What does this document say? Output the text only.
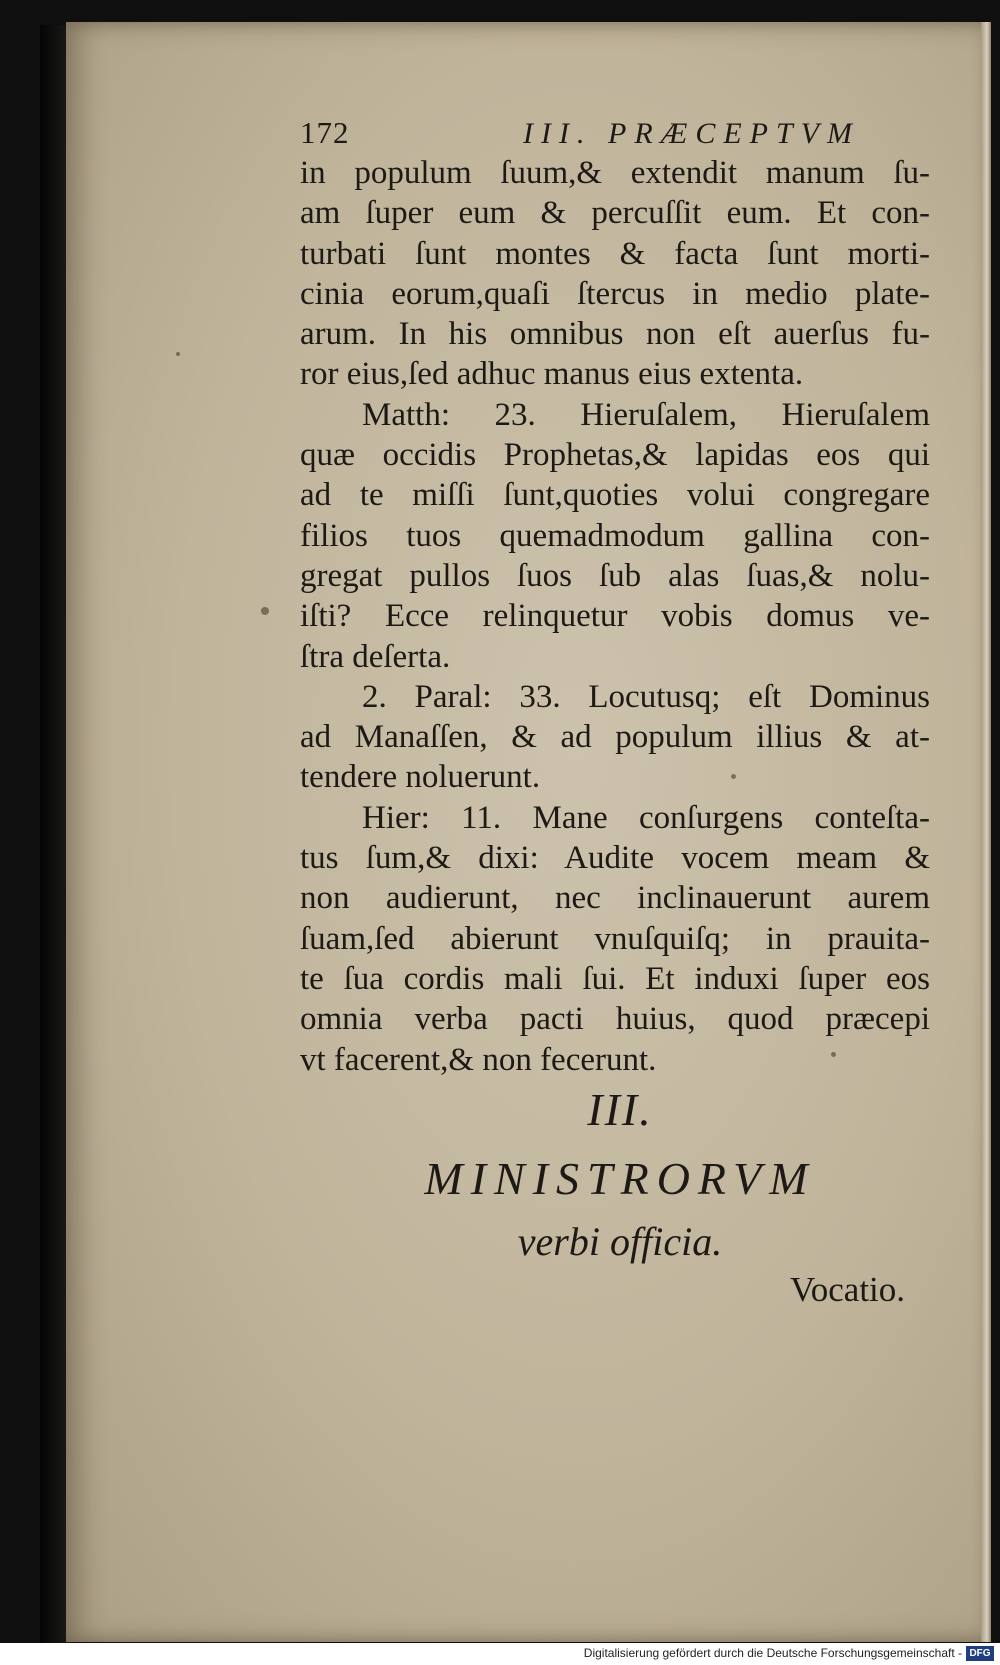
172	III. PRÆCEPTVM
in populum ſuum,& extendit manum ſu-
am ſuper eum & percuſſit eum. Et con-
turbati ſunt montes & facta ſunt morti-
cinia eorum,quaſi ſtercus in medio plate-
arum. In his omnibus non eſt auerſus fu-
ror eius,ſed adhuc manus eius extenta.
Matth: 23. Hieruſalem, Hieruſalem
quæ occidis Prophetas,& lapidas eos qui
ad te miſſi ſunt,quoties volui congregare
filios tuos quemadmodum gallina con-
gregat pullos ſuos ſub alas ſuas,& nolu-
iſti? Ecce relinquetur vobis domus ve-
ſtra deſerta.
2. Paral: 33. Locutusq; eſt Dominus
ad Manaſſen, & ad populum illius & at-
tendere noluerunt.
Hier: 11. Mane conſurgens conteſta-
tus ſum,& dixi: Audite vocem meam &
non audierunt, nec inclinauerunt aurem
ſuam,ſed abierunt vnuſquiſq; in prauita-
te ſua cordis mali ſui. Et induxi ſuper eos
omnia verba pacti huius, quod præcepi
vt facerent,& non fecerunt.
III.
MINISTRORVM
verbi officia.
Vocatio.
Digitalisierung gefördert durch die Deutsche Forschungsgemeinschaft - DFG
